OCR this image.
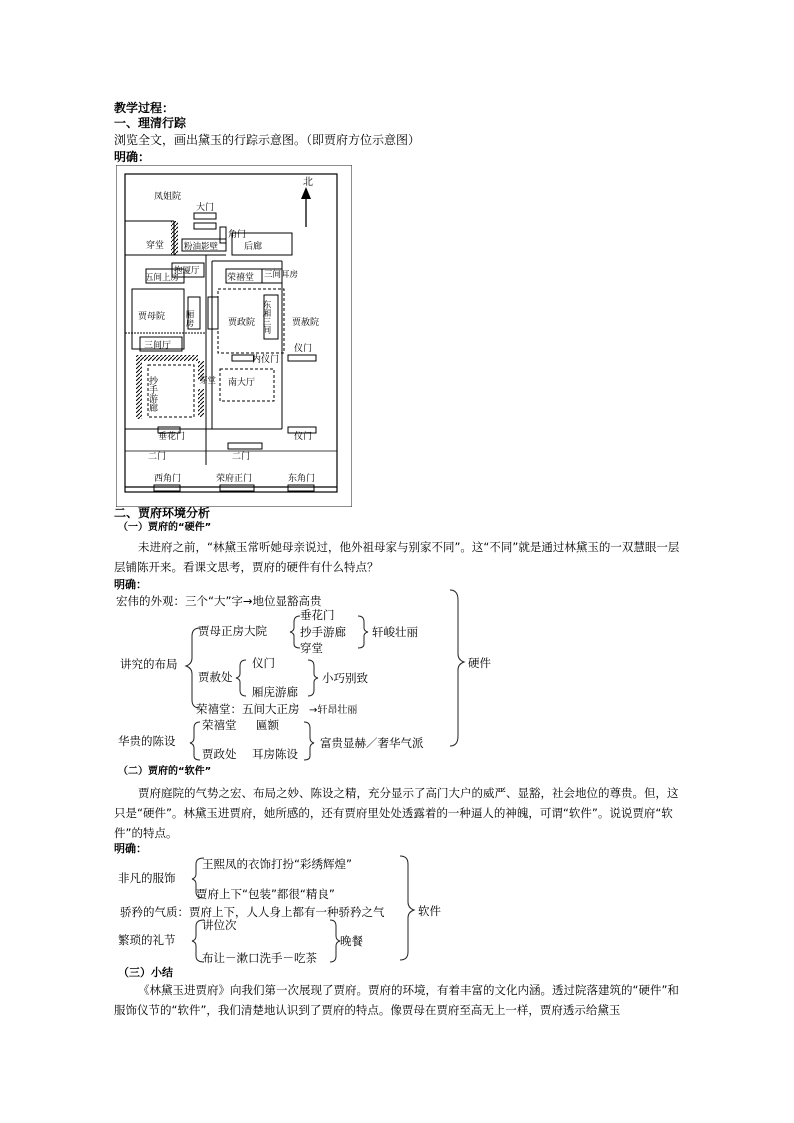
教学过程：
一、理清行踪
浏览全文，画出黛玉的行踪示意图。（即贾府方位示意图）
明确：
北
凤姐院
大门
角门
穿堂 粉油影壁	后廊
抱厦厅
五间上房	荣禧堂 三间耳房
贾母院 厢房	贾政院 东厢三间 贾赦院
三间厅
内仪门
仪门
抄手游廊	穿堂 南大厅
垂花门	仪门
二门	二门
西角门	荣府正门	东角门
二、贾府环境分析
（一）贾府的“硬件”
未进府之前，“林黛玉常听她母亲说过，他外祖母家与别家不同”。这“不同”就是通过林黛玉的一双慧眼一层层铺陈开来。看课文思考，贾府的硬件有什么特点？
明确：
宏伟的外观：三个“大”字→地位显豁高贵
讲究的布局
贾母正房大院
垂花门
抄手游廊
穿堂
轩峻壮丽
贾赦处
仪门
厢庑游廊
小巧别致
荣禧堂：五间大正房 →轩昂壮丽
华贵的陈设
荣禧堂 匾额
贾政处 耳房陈设
富贵显赫／奢华气派
硬件
（二）贾府的“软件”
贾府庭院的气势之宏、布局之妙、陈设之精，充分显示了高门大户的威严、显豁，社会地位的尊贵。但，这只是“硬件”。林黛玉进贾府，她所感的，还有贾府里处处透露着的一种逼人的神魄，可谓“软件”。说说贾府“软件”的特点。
明确：
非凡的服饰
王熙凤的衣饰打扮“彩绣辉煌”
贾府上下“包装”都很“精良”
骄矜的气质：贾府上下，人人身上都有一种骄矜之气
繁琐的礼节
讲位次
布让－漱口洗手－吃茶
晚餐
软件
（三）小结
《林黛玉进贾府》向我们第一次展现了贾府。贾府的环境，有着丰富的文化内涵。透过院落建筑的“硬件”和服饰仪节的“软件”，我们清楚地认识到了贾府的特点。像贾母在贾府至高无上一样，贾府透示给黛玉
